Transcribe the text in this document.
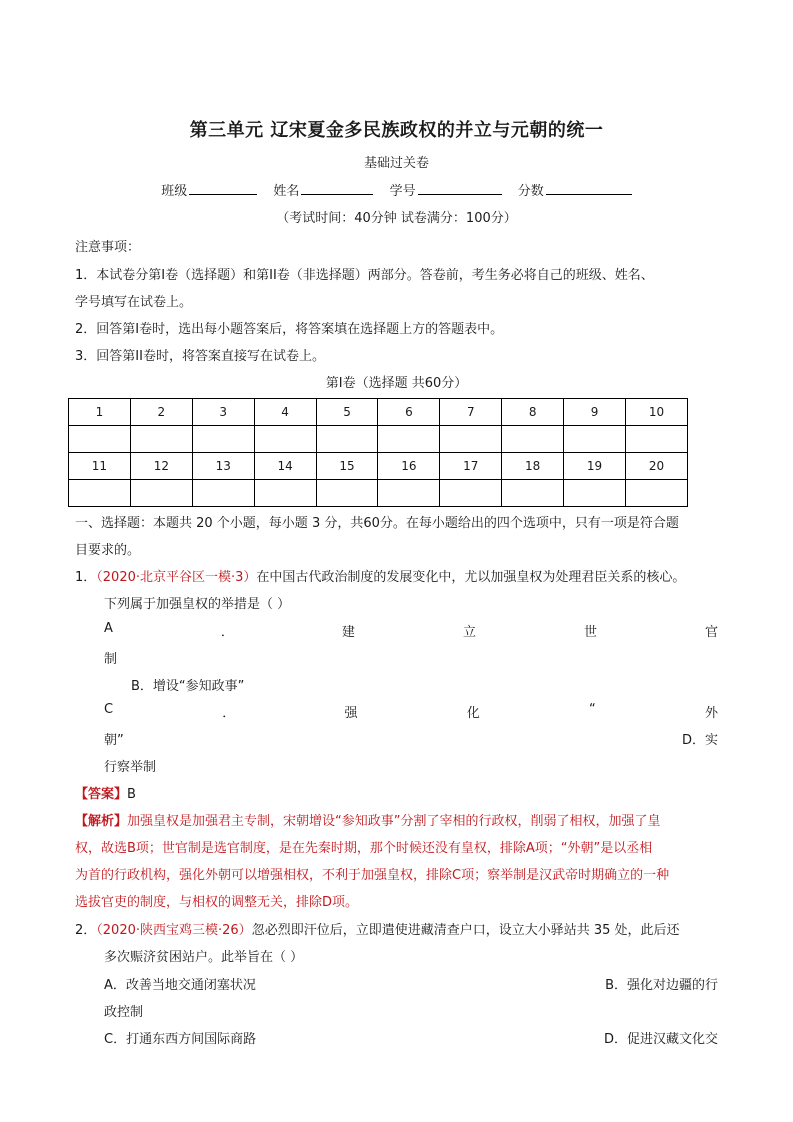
第三单元 辽宋夏金多民族政权的并立与元朝的统一
基础过关卷
班级	姓名	学号	分数
（考试时间：40分钟 试卷满分：100分）
注意事项：
1．本试卷分第Ⅰ卷（选择题）和第II卷（非选择题）两部分。答卷前，考生务必将自己的班级、姓名、
学号填写在试卷上。
2．回答第Ⅰ卷时，选出每小题答案后，将答案填在选择题上方的答题表中。
3．回答第II卷时，将答案直接写在试卷上。
第Ⅰ卷（选择题 共60分）
1	2	3	4	5	6	7	8	9	10

11	12	13	14	15	16	17	18	19	20

一、选择题：本题共 20 个小题，每小题 3 分，共60分。在每小题给出的四个选项中，只有一项是符合题
目要求的。
1．（2020·北京平谷区一模·3）在中国古代政治制度的发展变化中，尤以加强皇权为处理君臣关系的核心。
下列属于加强皇权的举措是（ ）
A	．	建	立	世	官
制
B．增设“参知政事”
C	．	强	化	“	外
朝”	D．实
行察举制
【答案】B
【解析】加强皇权是加强君主专制，宋朝增设“参知政事”分割了宰相的行政权，削弱了相权，加强了皇
权，故选B项；世官制是选官制度，是在先秦时期，那个时候还没有皇权，排除A项；“外朝”是以丞相
为首的行政机构，强化外朝可以增强相权，不利于加强皇权，排除C项；察举制是汉武帝时期确立的一种
选拔官吏的制度，与相权的调整无关，排除D项。
2．（2020·陕西宝鸡三模·26）忽必烈即汗位后，立即遣使进藏清查户口，设立大小驿站共 35 处，此后还
多次赈济贫困站户。此举旨在（ ）
A．改善当地交通闭塞状况	B．强化对边疆的行
政控制
C．打通东西方间国际商路	D．促进汉藏文化交
